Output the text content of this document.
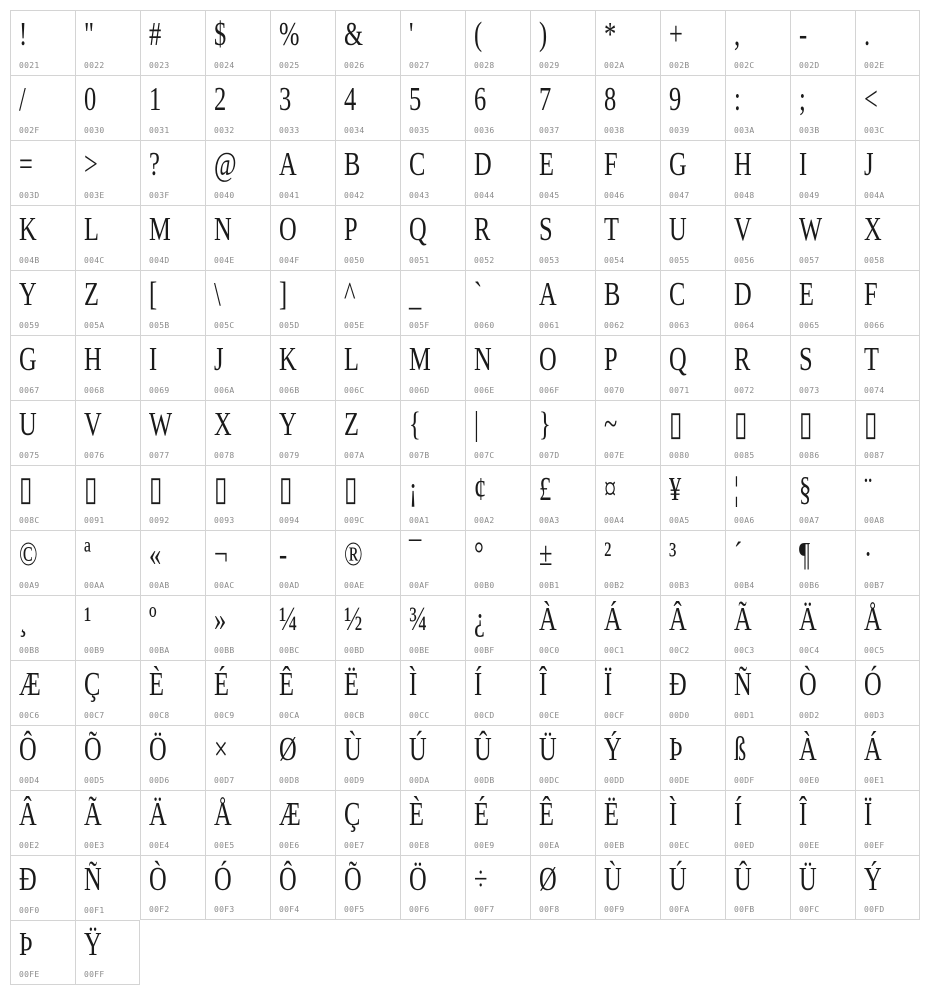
!
0021
"
0022
#
0023
$
0024
%
0025
&
0026
'
0027
(
0028
)
0029
*
002A
+
002B
,
002C
-
002D
.
002E
/
002F
0
0030
1
0031
2
0032
3
0033
4
0034
5
0035
6
0036
7
0037
8
0038
9
0039
:
003A
;
003B
<
003C
=
003D
>
003E
?
003F
@
0040
A
0041
B
0042
C
0043
D
0044
E
0045
F
0046
G
0047
H
0048
I
0049
J
004A
K
004B
L
004C
M
004D
N
004E
O
004F
P
0050
Q
0051
R
0052
S
0053
T
0054
U
0055
V
0056
W
0057
X
0058
Y
0059
Z
005A
[
005B
\
005C
]
005D
^
005E
_
005F
`
0060
A
0061
B
0062
C
0063
D
0064
E
0065
F
0066
G
0067
H
0068
I
0069
J
006A
K
006B
L
006C
M
006D
N
006E
O
006F
P
0070
Q
0071
R
0072
S
0073
T
0074
U
0075
V
0076
W
0077
X
0078
Y
0079
Z
007A
{
007B
|
007C
}
007D
~
007E
▯
0080
▯
0085
▯
0086
▯
0087
▯
008C
▯
0091
▯
0092
▯
0093
▯
0094
▯
009C
¡
00A1
¢
00A2
£
00A3
¤
00A4
¥
00A5
¦
00A6
§
00A7
¨
00A8
©
00A9
ª
00AA
«
00AB
¬
00AC
-
00AD
®
00AE
¯
00AF
°
00B0
±
00B1
²
00B2
³
00B3
´
00B4
¶
00B6
·
00B7
¸
00B8
¹
00B9
º
00BA
»
00BB
¼
00BC
½
00BD
¾
00BE
¿
00BF
À
00C0
Á
00C1
Â
00C2
Ã
00C3
Ä
00C4
Å
00C5
Æ
00C6
Ç
00C7
È
00C8
É
00C9
Ê
00CA
Ë
00CB
Ì
00CC
Í
00CD
Î
00CE
Ï
00CF
Ð
00D0
Ñ
00D1
Ò
00D2
Ó
00D3
Ô
00D4
Õ
00D5
Ö
00D6
×
00D7
Ø
00D8
Ù
00D9
Ú
00DA
Û
00DB
Ü
00DC
Ý
00DD
Þ
00DE
ß
00DF
À
00E0
Á
00E1
Â
00E2
Ã
00E3
Ä
00E4
Å
00E5
Æ
00E6
Ç
00E7
È
00E8
É
00E9
Ê
00EA
Ë
00EB
Ì
00EC
Í
00ED
Î
00EE
Ï
00EF
Ð
00F0
Ñ
00F1
Ò
00F2
Ó
00F3
Ô
00F4
Õ
00F5
Ö
00F6
÷
00F7
Ø
00F8
Ù
00F9
Ú
00FA
Û
00FB
Ü
00FC
Ý
00FD
Þ
00FE
Ÿ
00FF
